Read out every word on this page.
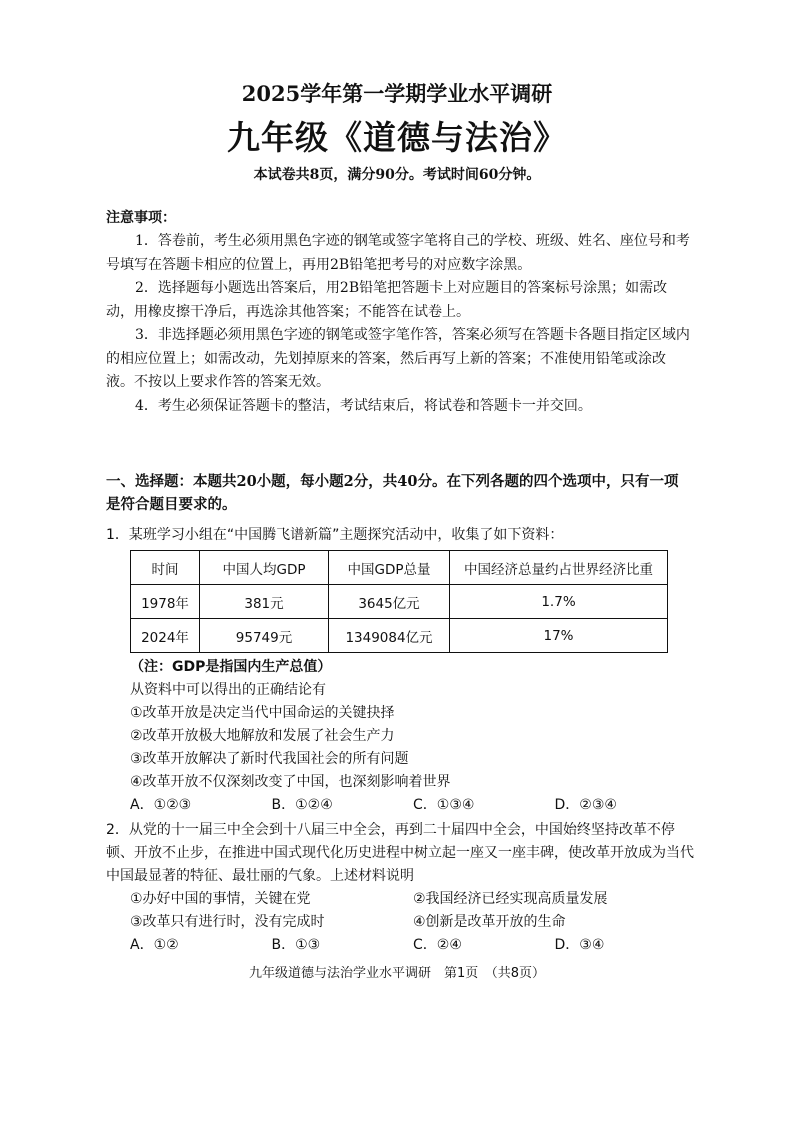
2025学年第一学期学业水平调研
九年级《道德与法治》
本试卷共8页，满分90分。考试时间60分钟。
注意事项：

1．答卷前，考生必须用黑色字迹的钢笔或签字笔将自己的学校、班级、姓名、座位号和考号填写在答题卡相应的位置上，再用2B铅笔把考号的对应数字涂黑。

2．选择题每小题选出答案后，用2B铅笔把答题卡上对应题目的答案标号涂黑；如需改动，用橡皮擦干净后，再选涂其他答案；不能答在试卷上。

3．非选择题必须用黑色字迹的钢笔或签字笔作答，答案必须写在答题卡各题目指定区域内的相应位置上；如需改动，先划掉原来的答案，然后再写上新的答案；不准使用铅笔或涂改液。不按以上要求作答的答案无效。

4．考生必须保证答题卡的整洁，考试结束后，将试卷和答题卡一并交回。

一、选择题：本题共20小题，每小题2分，共40分。在下列各题的四个选项中，只有一项是符合题目要求的。

1．某班学习小组在“中国腾飞谱新篇”主题探究活动中，收集了如下资料：

时间	中国人均GDP	中国GDP总量	中国经济总量约占世界经济比重
1978年	381元	3645亿元	1.7%
2024年	95749元	1349084亿元	17%

（注：GDP是指国内生产总值）

从资料中可以得出的正确结论有

①改革开放是决定当代中国命运的关键抉择

②改革开放极大地解放和发展了社会生产力

③改革开放解决了新时代我国社会的所有问题

④改革开放不仅深刻改变了中国，也深刻影响着世界

A．①②③	B．①②④	C．①③④	D．②③④

2．从党的十一届三中全会到十八届三中全会，再到二十届四中全会，中国始终坚持改革不停顿、开放不止步，在推进中国式现代化历史进程中树立起一座又一座丰碑，使改革开放成为当代中国最显著的特征、最壮丽的气象。上述材料说明

①办好中国的事情，关键在党	②我国经济已经实现高质量发展
③改革只有进行时，没有完成时	④创新是改革开放的生命
A．①②	B．①③	C．②④	D．③④
九年级道德与法治学业水平调研　第1页　（共8页）
